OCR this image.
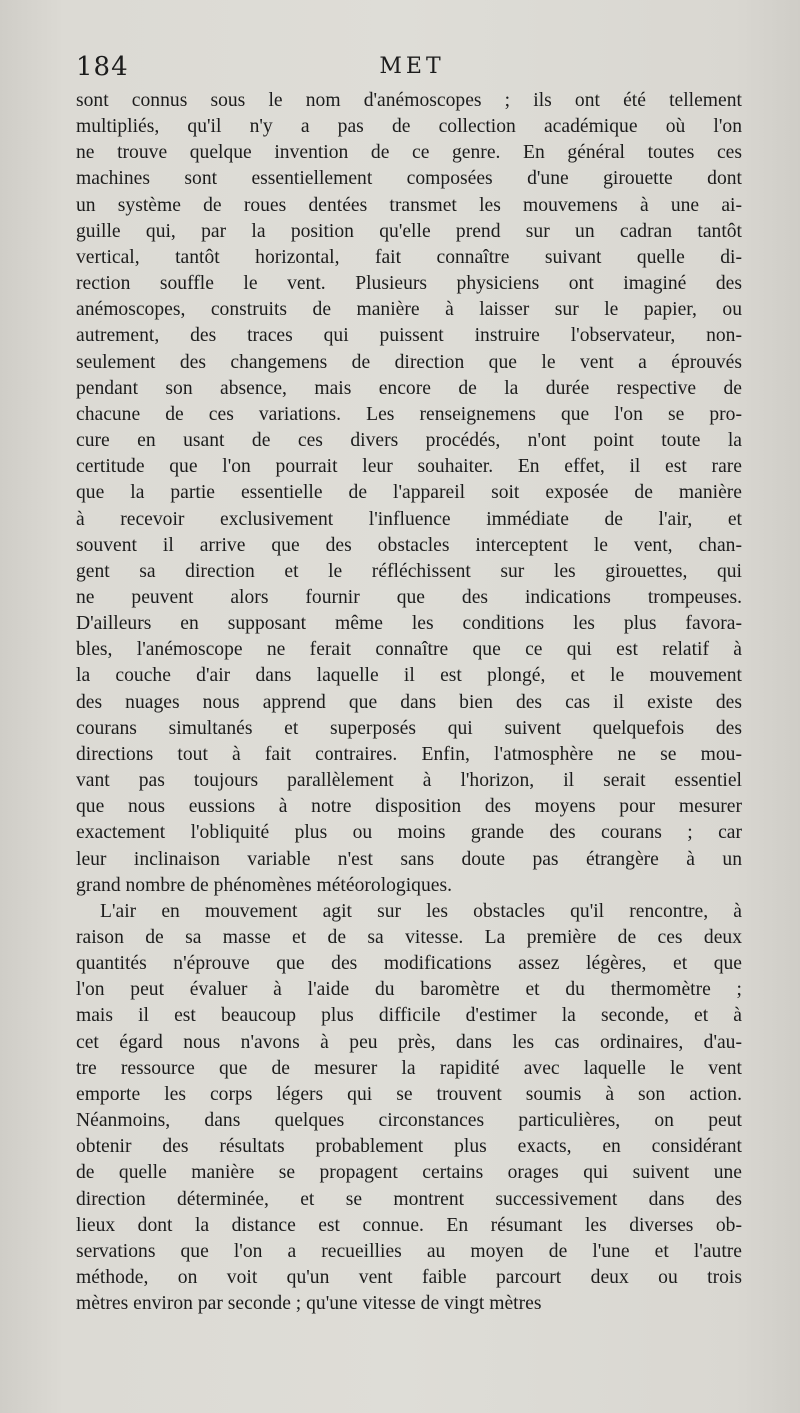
184	MET
sont connus sous le nom d'anémoscopes ; ils ont été tellement
multipliés, qu'il n'y a pas de collection académique où l'on
ne trouve quelque invention de ce genre. En général toutes ces
machines sont essentiellement composées d'une girouette dont
un système de roues dentées transmet les mouvemens à une ai-
guille qui, par la position qu'elle prend sur un cadran tantôt
vertical, tantôt horizontal, fait connaître suivant quelle di-
rection souffle le vent. Plusieurs physiciens ont imaginé des
anémoscopes, construits de manière à laisser sur le papier, ou
autrement, des traces qui puissent instruire l'observateur, non-
seulement des changemens de direction que le vent a éprouvés
pendant son absence, mais encore de la durée respective de
chacune de ces variations. Les renseignemens que l'on se pro-
cure en usant de ces divers procédés, n'ont point toute la
certitude que l'on pourrait leur souhaiter. En effet, il est rare
que la partie essentielle de l'appareil soit exposée de manière
à recevoir exclusivement l'influence immédiate de l'air, et
souvent il arrive que des obstacles interceptent le vent, chan-
gent sa direction et le réfléchissent sur les girouettes, qui
ne peuvent alors fournir que des indications trompeuses.
D'ailleurs en supposant même les conditions les plus favora-
bles, l'anémoscope ne ferait connaître que ce qui est relatif à
la couche d'air dans laquelle il est plongé, et le mouvement
des nuages nous apprend que dans bien des cas il existe des
courans simultanés et superposés qui suivent quelquefois des
directions tout à fait contraires. Enfin, l'atmosphère ne se mou-
vant pas toujours parallèlement à l'horizon, il serait essentiel
que nous eussions à notre disposition des moyens pour mesurer
exactement l'obliquité plus ou moins grande des courans ; car
leur inclinaison variable n'est sans doute pas étrangère à un
grand nombre de phénomènes météorologiques.
L'air en mouvement agit sur les obstacles qu'il rencontre, à
raison de sa masse et de sa vitesse. La première de ces deux
quantités n'éprouve que des modifications assez légères, et que
l'on peut évaluer à l'aide du baromètre et du thermomètre ;
mais il est beaucoup plus difficile d'estimer la seconde, et à
cet égard nous n'avons à peu près, dans les cas ordinaires, d'au-
tre ressource que de mesurer la rapidité avec laquelle le vent
emporte les corps légers qui se trouvent soumis à son action.
Néanmoins, dans quelques circonstances particulières, on peut
obtenir des résultats probablement plus exacts, en considérant
de quelle manière se propagent certains orages qui suivent une
direction déterminée, et se montrent successivement dans des
lieux dont la distance est connue. En résumant les diverses ob-
servations que l'on a recueillies au moyen de l'une et l'autre
méthode, on voit qu'un vent faible parcourt deux ou trois
mètres environ par seconde ; qu'une vitesse de vingt mètres
